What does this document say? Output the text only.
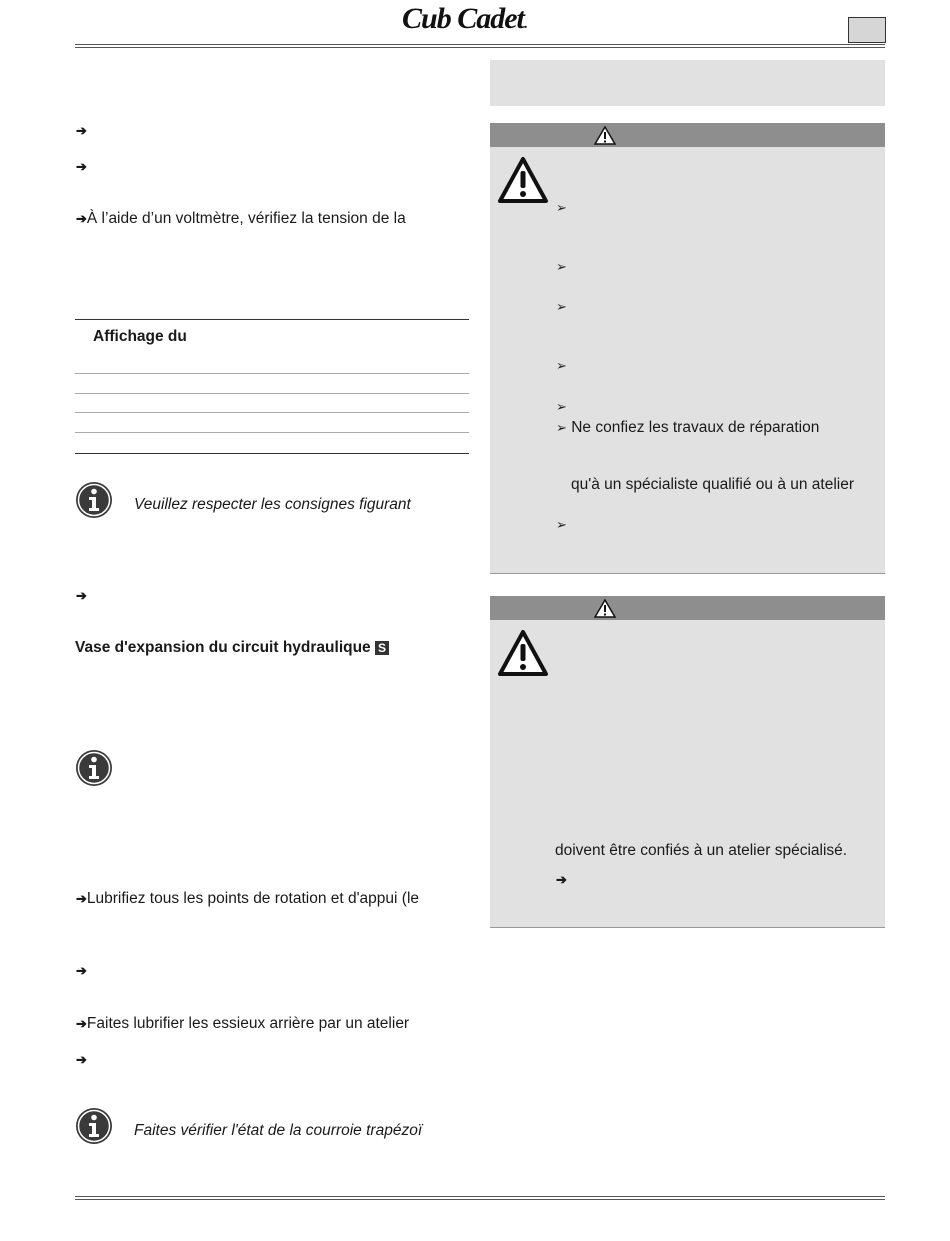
Cub Cadet.
➔
➔
➔À l’aide d’un voltmètre, vérifiez la tension de la
Affichage du
Veuillez respecter les consignes figurant
➔
Vase d'expansion du circuit hydraulique S
➔Lubrifiez tous les points de rotation et d'appui (le
➔
➔Faites lubrifier les essieux arrière par un atelier
➔
Faites vérifier l'état de la courroie trapézoï
➢
➢
➢
➢
➢
➢ Ne confiez les travaux de réparation
qu'à un spécialiste qualifié ou à un atelier
➢
doivent être confiés à un atelier spécialisé.
➔
